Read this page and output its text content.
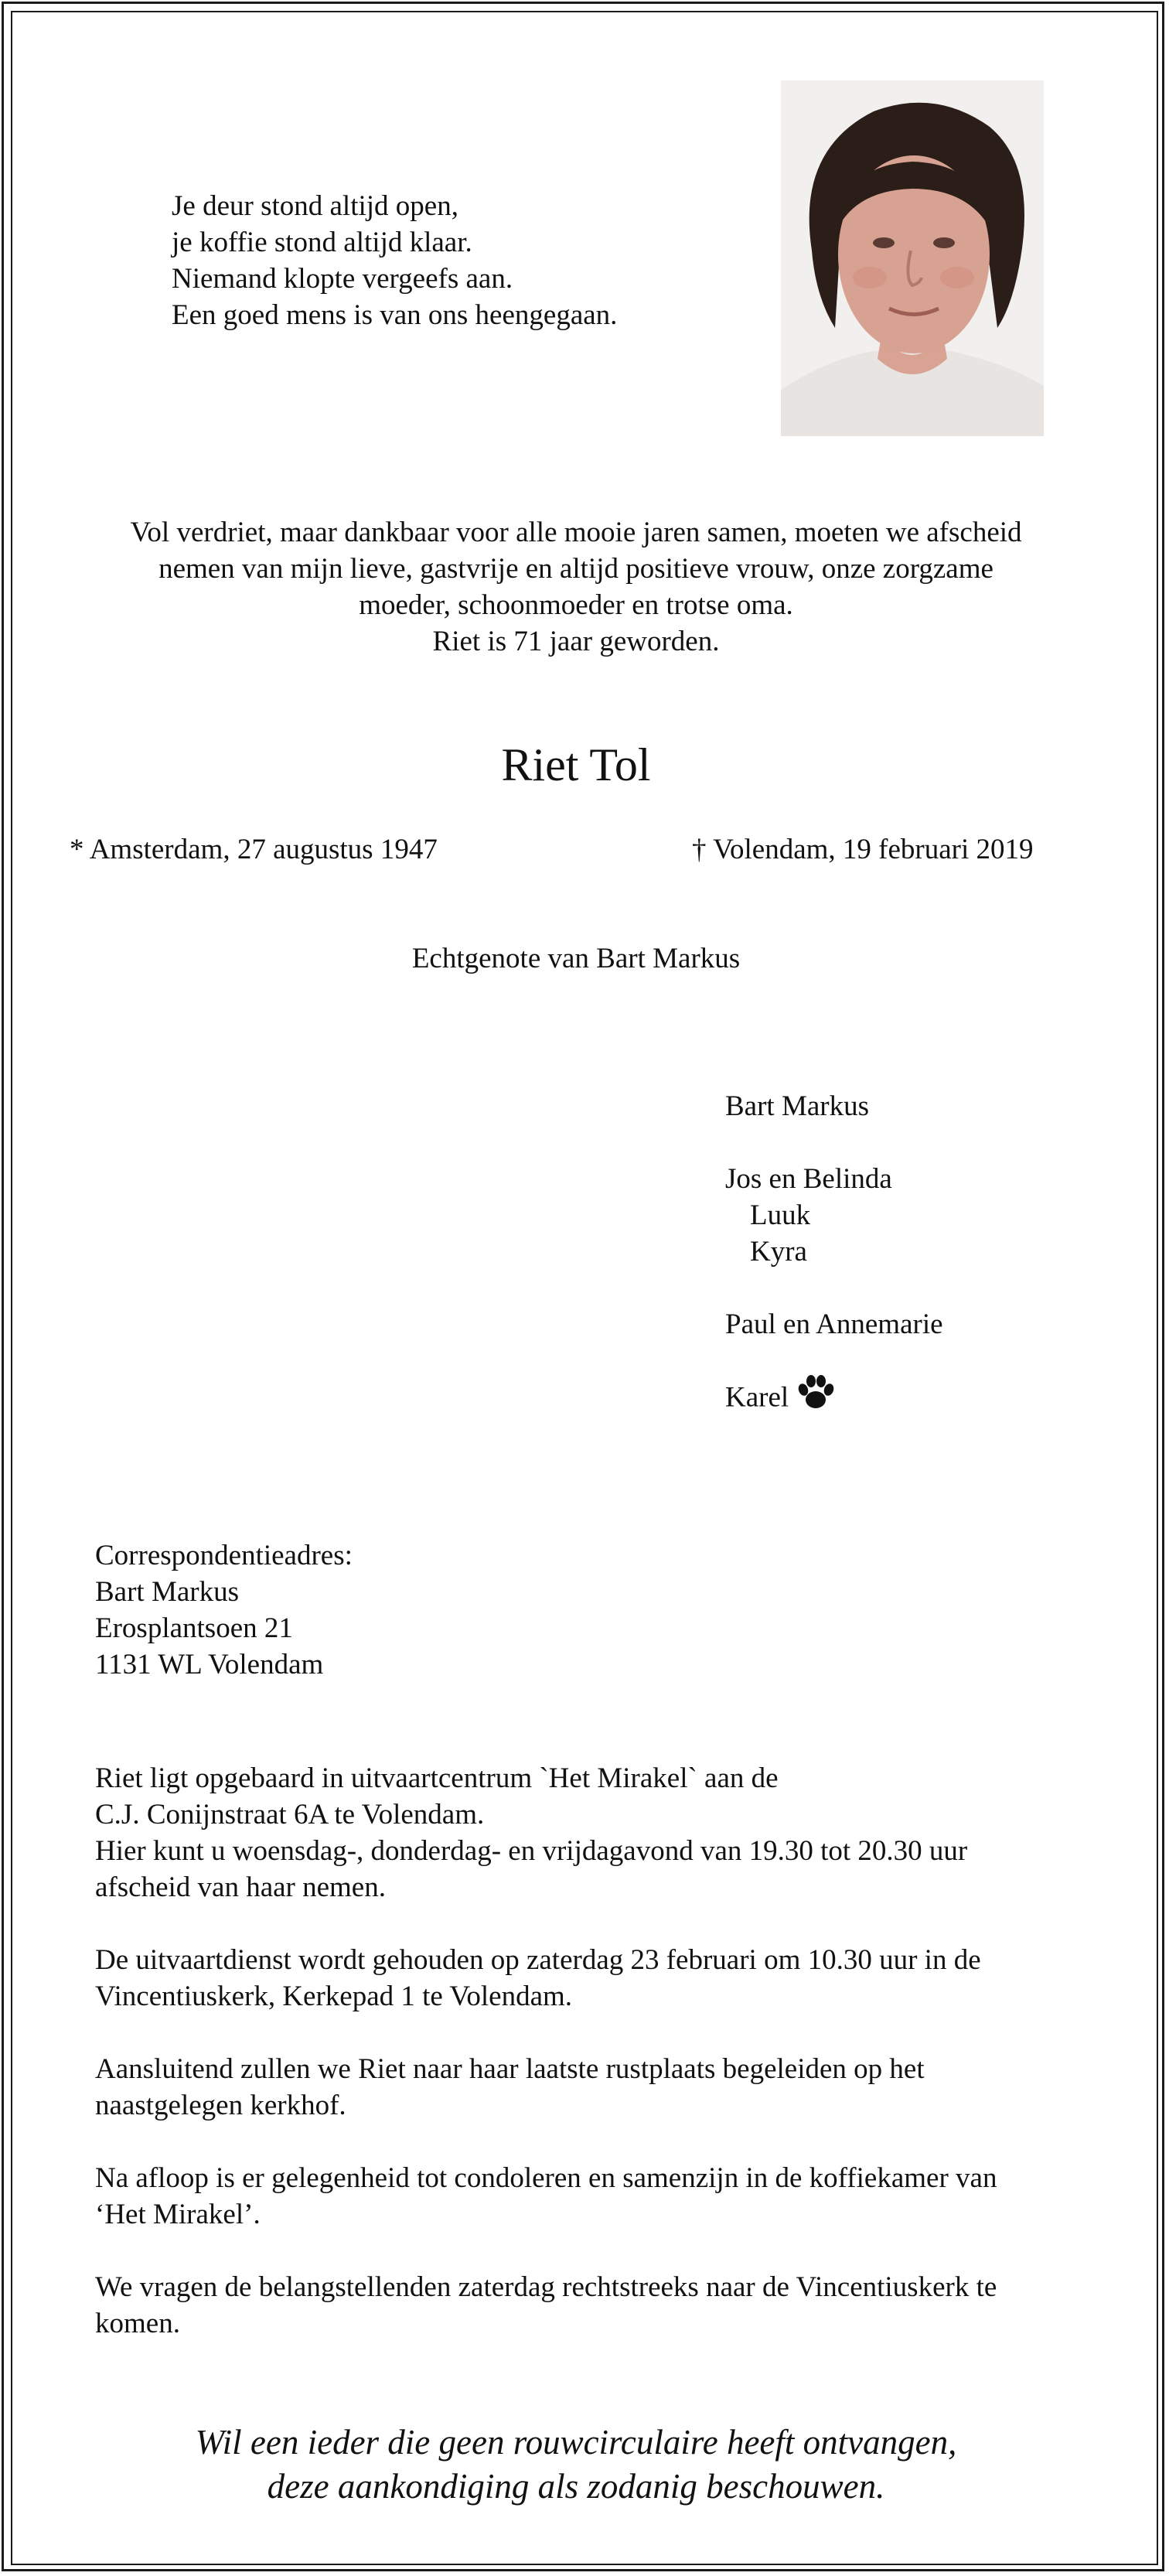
Je deur stond altijd open,
je koffie stond altijd klaar.
Niemand klopte vergeefs aan.
Een goed mens is van ons heengegaan.
Vol verdriet, maar dankbaar voor alle mooie jaren samen, moeten we afscheid
nemen van mijn lieve, gastvrije en altijd positieve vrouw, onze zorgzame
moeder, schoonmoeder en trotse oma.
Riet is 71 jaar geworden.
Riet Tol
* Amsterdam, 27 augustus 1947	† Volendam, 19 februari 2019
Echtgenote van Bart Markus
Bart Markus
Jos en Belinda
Luuk
Kyra
Paul en Annemarie
Karel
Correspondentieadres:
Bart Markus
Erosplantsoen 21
1131 WL Volendam
Riet ligt opgebaard in uitvaartcentrum `Het Mirakel` aan de
C.J. Conijnstraat 6A te Volendam.
Hier kunt u woensdag-, donderdag- en vrijdagavond van 19.30 tot 20.30 uur
afscheid van haar nemen.
De uitvaartdienst wordt gehouden op zaterdag 23 februari om 10.30 uur in de
Vincentiuskerk, Kerkepad 1 te Volendam.
Aansluitend zullen we Riet naar haar laatste rustplaats begeleiden op het
naastgelegen kerkhof.
Na afloop is er gelegenheid tot condoleren en samenzijn in de koffiekamer van
‘Het Mirakel’.
We vragen de belangstellenden zaterdag rechtstreeks naar de Vincentiuskerk te
komen.
Wil een ieder die geen rouwcirculaire heeft ontvangen,
deze aankondiging als zodanig beschouwen.
